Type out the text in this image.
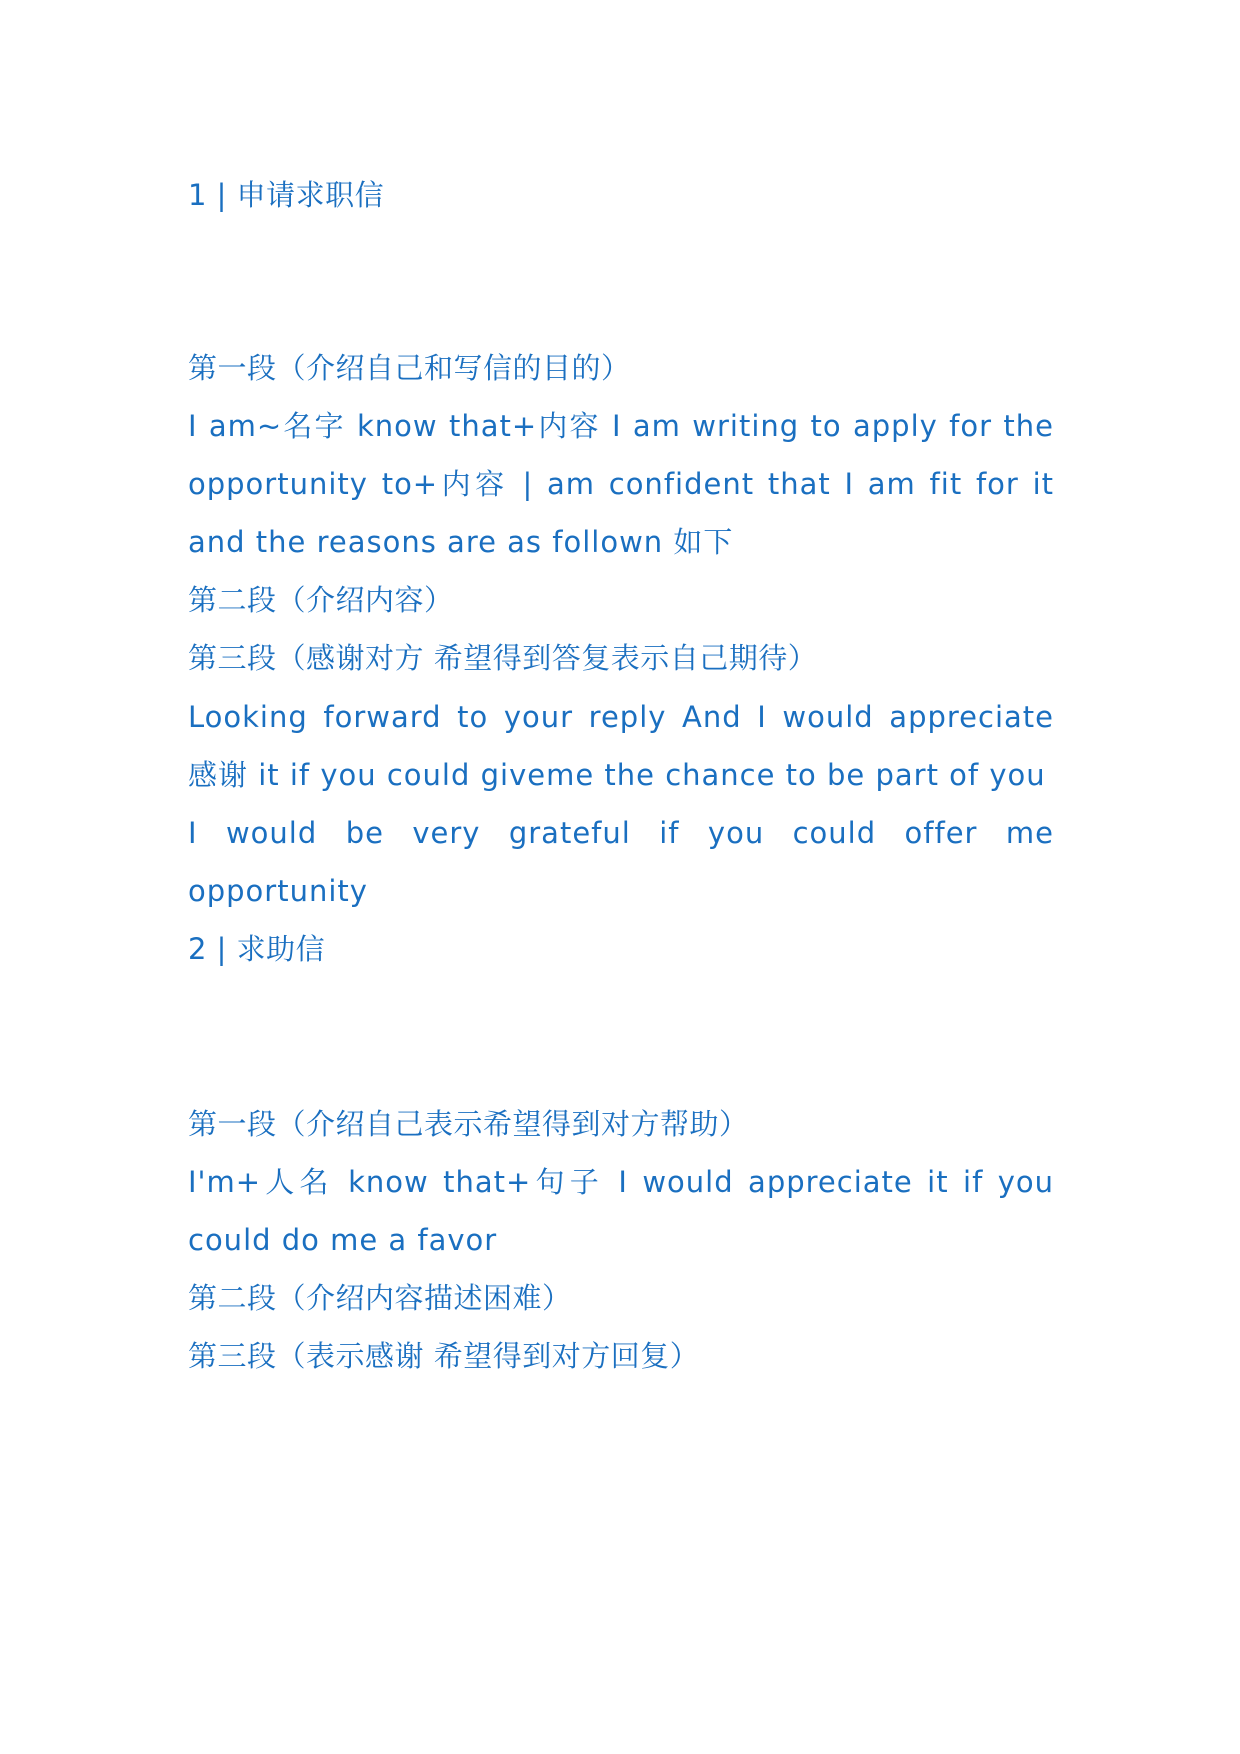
1 | 申请求职信
第一段（介绍自己和写信的目的）
I am~名字 know that+内容 I am writing to apply for the
opportunity to+内容 | am confident that I am fit for it
and the reasons are as follown 如下
第二段（介绍内容）
第三段（感谢对方 希望得到答复表示自己期待）
Looking forward to your reply And I would appreciate
感谢 it if you could giveme the chance to be part of you
I would be very grateful if you could offer me
opportunity
2 | 求助信
第一段（介绍自己表示希望得到对方帮助）
I'm+人名 know that+句子 I would appreciate it if you
could do me a favor
第二段（介绍内容描述困难）
第三段（表示感谢 希望得到对方回复）
